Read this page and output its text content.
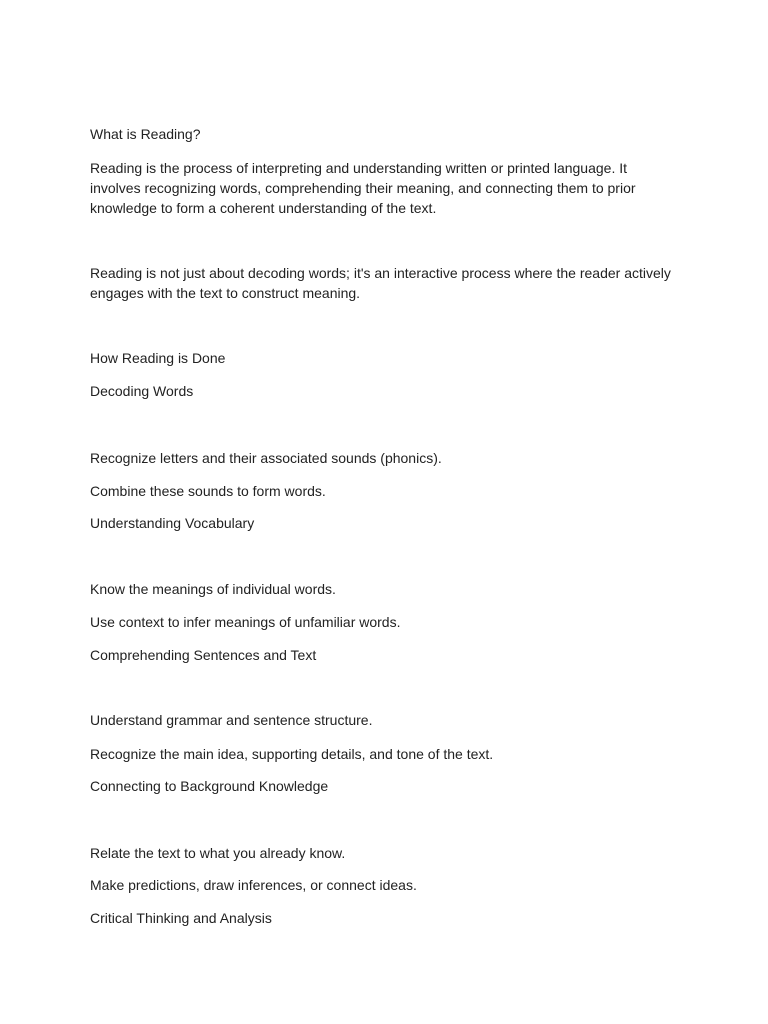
What is Reading?

Reading is the process of interpreting and understanding written or printed language. It involves recognizing words, comprehending their meaning, and connecting them to prior knowledge to form a coherent understanding of the text.

Reading is not just about decoding words; it's an interactive process where the reader actively engages with the text to construct meaning.

How Reading is Done

Decoding Words

Recognize letters and their associated sounds (phonics).

Combine these sounds to form words.

Understanding Vocabulary

Know the meanings of individual words.

Use context to infer meanings of unfamiliar words.

Comprehending Sentences and Text

Understand grammar and sentence structure.

Recognize the main idea, supporting details, and tone of the text.

Connecting to Background Knowledge

Relate the text to what you already know.

Make predictions, draw inferences, or connect ideas.

Critical Thinking and Analysis
